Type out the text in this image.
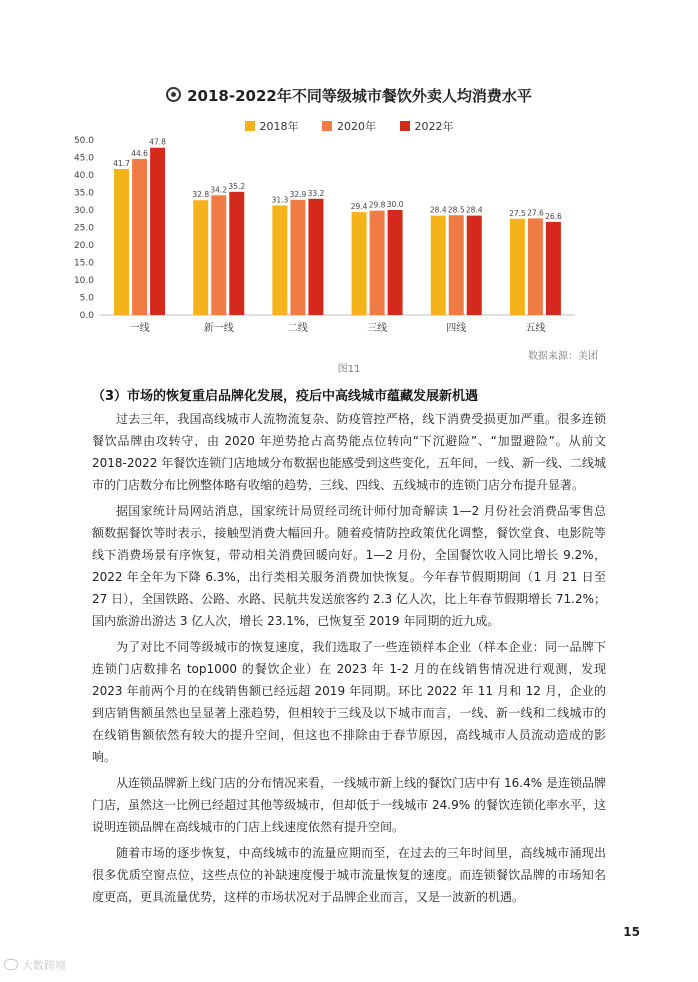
2018-2022年不同等级城市餐饮外卖人均消费水平
2018年	2020年	2022年
0.0
5.0
10.0
15.0
20.0
25.0
30.0
35.0
40.0
45.0
50.0
一线
41.7
44.6
47.8
新一线
32.8
34.2 35.2
二线
31.3
32.9 33.2
三线
29.4 29.8 30.0
四线
28.4 28.5 28.4
五线
27.5 27.6 26.6
数据来源：美团
图11
（3）市场的恢复重启品牌化发展，疫后中高线城市蕴藏发展新机遇

过去三年，我国高线城市人流物流复杂、防疫管控严格，线下消费受损更加严重。很多连锁餐饮品牌由攻转守，由 2020 年逆势抢占高势能点位转向“下沉避险”、“加盟避险”。从前文 2018-2022 年餐饮连锁门店地域分布数据也能感受到这些变化，五年间，一线、新一线、二线城市的门店数分布比例整体略有收缩的趋势，三线、四线、五线城市的连锁门店分布提升显著。

据国家统计局网站消息，国家统计局贸经司统计师付加奇解读 1—2 月份社会消费品零售总额数据餐饮等时表示，接触型消费大幅回升。随着疫情防控政策优化调整，餐饮堂食、电影院等线下消费场景有序恢复，带动相关消费回暖向好。1—2 月份，全国餐饮收入同比增长 9.2%，2022 年全年为下降 6.3%，出行类相关服务消费加快恢复。今年春节假期期间（1 月 21 日至 27 日），全国铁路、公路、水路、民航共发送旅客约 2.3 亿人次，比上年春节假期增长 71.2%；国内旅游出游达 3 亿人次，增长 23.1%，已恢复至 2019 年同期的近九成。

为了对比不同等级城市的恢复速度，我们选取了一些连锁样本企业（样本企业：同一品牌下连锁门店数排名 top1000 的餐饮企业）在 2023 年 1-2 月的在线销售情况进行观测，发现 2023 年前两个月的在线销售额已经远超 2019 年同期。环比 2022 年 11 月和 12 月，企业的到店销售额虽然也呈显著上涨趋势，但相较于三线及以下城市而言，一线、新一线和二线城市的在线销售额依然有较大的提升空间，但这也不排除由于春节原因，高线城市人员流动造成的影响。

从连锁品牌新上线门店的分布情况来看，一线城市新上线的餐饮门店中有 16.4% 是连锁品牌门店，虽然这一比例已经超过其他等级城市，但却低于一线城市 24.9% 的餐饮连锁化率水平，这说明连锁品牌在高线城市的门店上线速度依然有提升空间。

随着市场的逐步恢复，中高线城市的流量应期而至，在过去的三年时间里，高线城市涌现出很多优质空窗点位，这些点位的补缺速度慢于城市流量恢复的速度。而连锁餐饮品牌的市场知名度更高，更具流量优势，这样的市场状况对于品牌企业而言，又是一波新的机遇。

15
大数跨境
